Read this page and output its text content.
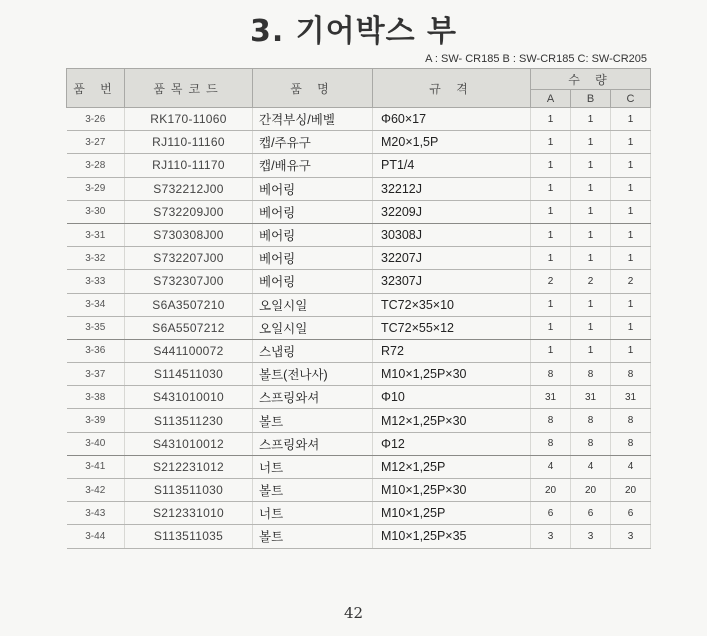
3. 기어박스 부
A : SW- CR185 B : SW-CR185 C: SW-CR205
품 번	품목코드	품 명	규 격	수 량		
				A	B	C
3-26	RK170-11060	간격부싱/베벨	Φ60×17	1	1	1
3-27	RJ110-11160	캡/주유구	M20×1,5P	1	1	1
3-28	RJ110-11170	캡/배유구	PT1/4	1	1	1
3-29	S732212J00	베어링	32212J	1	1	1
3-30	S732209J00	베어링	32209J	1	1	1
3-31	S730308J00	베어링	30308J	1	1	1
3-32	S732207J00	베어링	32207J	1	1	1
3-33	S732307J00	베어링	32307J	2	2	2
3-34	S6A3507210	오일시일	TC72×35×10	1	1	1
3-35	S6A5507212	오일시일	TC72×55×12	1	1	1
3-36	S441100072	스냅링	R72	1	1	1
3-37	S114511030	볼트(전나사)	M10×1,25P×30	8	8	8
3-38	S431010010	스프링와셔	Φ10	31	31	31
3-39	S113511230	볼트	M12×1,25P×30	8	8	8
3-40	S431010012	스프링와셔	Φ12	8	8	8
3-41	S212231012	너트	M12×1,25P	4	4	4
3-42	S113511030	볼트	M10×1,25P×30	20	20	20
3-43	S212331010	너트	M10×1,25P	6	6	6
3-44	S113511035	볼트	M10×1,25P×35	3	3	3
42
